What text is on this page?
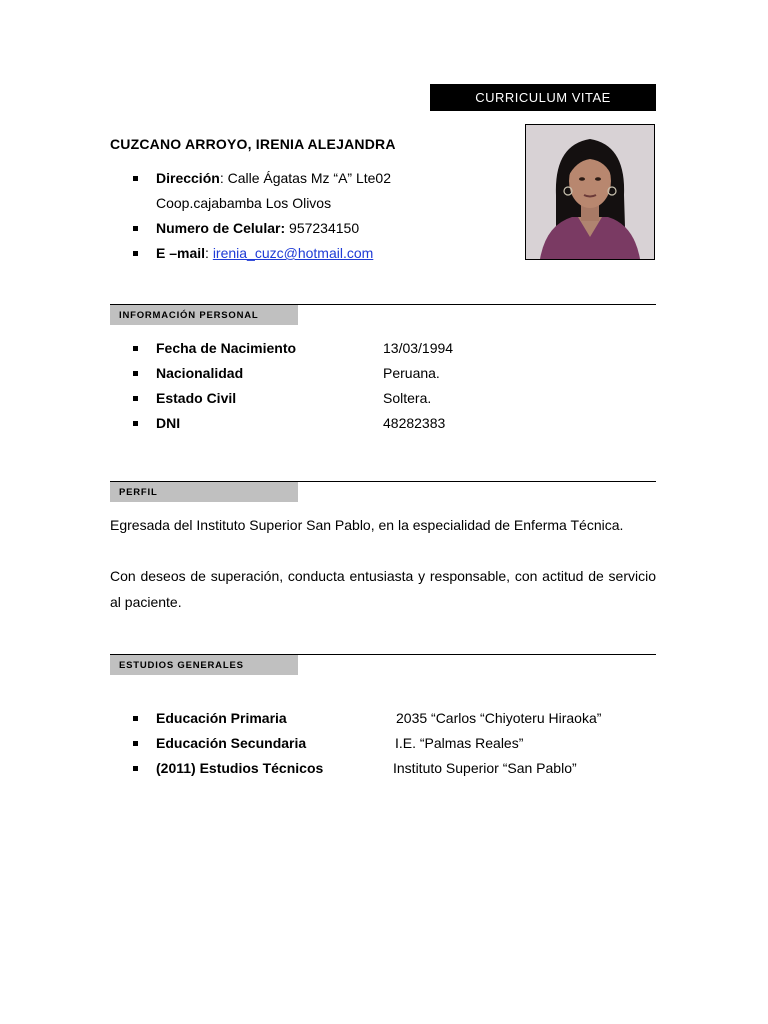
CURRICULUM VITAE
CUZCANO ARROYO, IRENIA ALEJANDRA
Dirección: Calle Ágatas Mz “A” Lte02
Coop.cajabamba Los Olivos
Numero de Celular: 957234150
E –mail: irenia_cuzc@hotmail.com
INFORMACIÓN PERSONAL
Fecha de Nacimiento	13/03/1994
Nacionalidad	Peruana.
Estado Civil	Soltera.
DNI	48282383
PERFIL
Egresada del Instituto Superior San Pablo, en la especialidad de Enferma Técnica.
Con deseos de superación, conducta entusiasta y responsable, con actitud de servicio al paciente.
ESTUDIOS GENERALES
Educación Primaria	2035 “Carlos “Chiyoteru Hiraoka”
Educación Secundaria	I.E. “Palmas Reales”
(2011) Estudios Técnicos	Instituto Superior “San Pablo”
